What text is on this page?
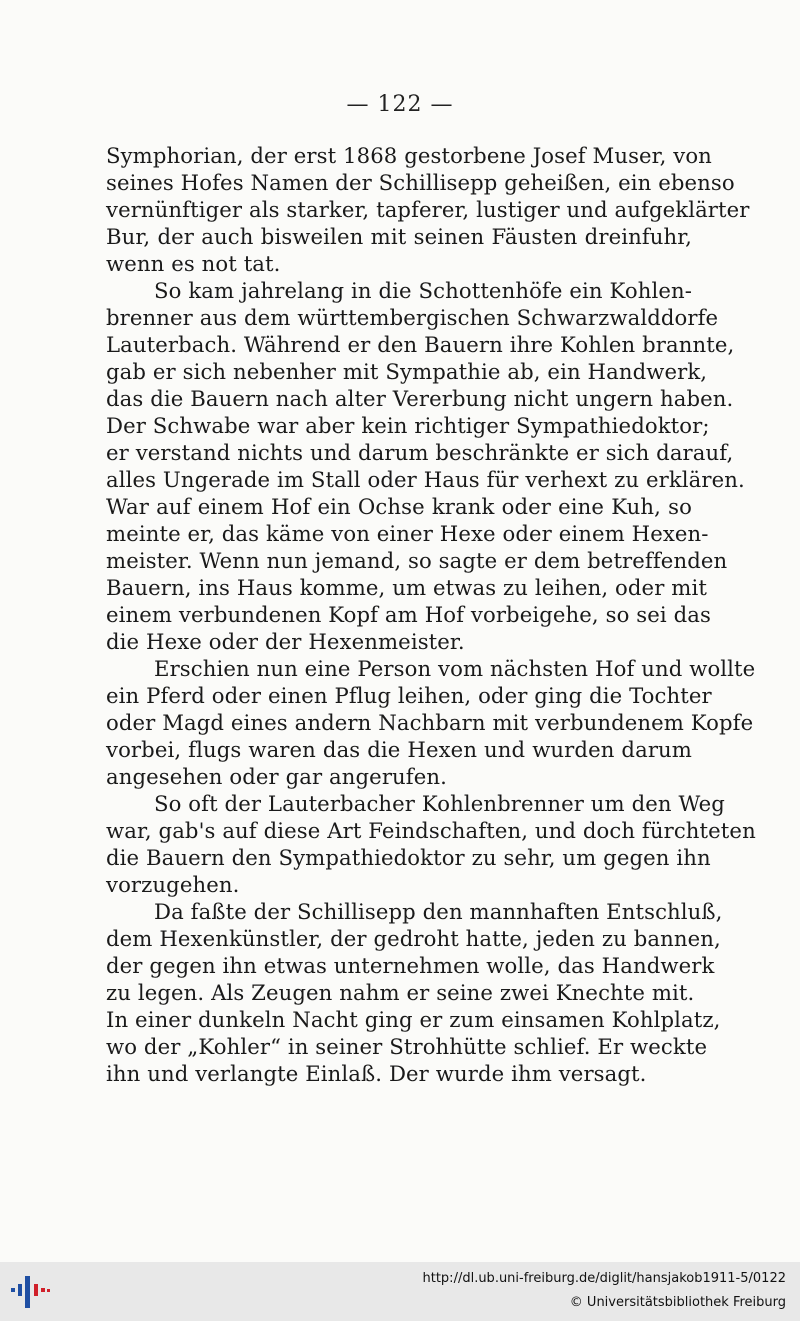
— 122 —
Symphorian, der erst 1868 gestorbene Josef Muser, von
seines Hofes Namen der Schillisepp geheißen, ein ebenso
vernünftiger als starker, tapferer, lustiger und aufgeklärter
Bur, der auch bisweilen mit seinen Fäusten dreinfuhr,
wenn es not tat.
So kam jahrelang in die Schottenhöfe ein Kohlen-
brenner aus dem württembergischen Schwarzwalddorfe
Lauterbach. Während er den Bauern ihre Kohlen brannte,
gab er sich nebenher mit Sympathie ab, ein Handwerk,
das die Bauern nach alter Vererbung nicht ungern haben.
Der Schwabe war aber kein richtiger Sympathiedoktor;
er verstand nichts und darum beschränkte er sich darauf,
alles Ungerade im Stall oder Haus für verhext zu erklären.
War auf einem Hof ein Ochse krank oder eine Kuh, so
meinte er, das käme von einer Hexe oder einem Hexen-
meister. Wenn nun jemand, so sagte er dem betreffenden
Bauern, ins Haus komme, um etwas zu leihen, oder mit
einem verbundenen Kopf am Hof vorbeigehe, so sei das
die Hexe oder der Hexenmeister.
Erschien nun eine Person vom nächsten Hof und wollte
ein Pferd oder einen Pflug leihen, oder ging die Tochter
oder Magd eines andern Nachbarn mit verbundenem Kopfe
vorbei, flugs waren das die Hexen und wurden darum
angesehen oder gar angerufen.
So oft der Lauterbacher Kohlenbrenner um den Weg
war, gab's auf diese Art Feindschaften, und doch fürchteten
die Bauern den Sympathiedoktor zu sehr, um gegen ihn
vorzugehen.
Da faßte der Schillisepp den mannhaften Entschluß,
dem Hexenkünstler, der gedroht hatte, jeden zu bannen,
der gegen ihn etwas unternehmen wolle, das Handwerk
zu legen. Als Zeugen nahm er seine zwei Knechte mit.
In einer dunkeln Nacht ging er zum einsamen Kohlplatz,
wo der „Kohler“ in seiner Strohhütte schlief. Er weckte
ihn und verlangte Einlaß. Der wurde ihm versagt.
http://dl.ub.uni-freiburg.de/diglit/hansjakob1911-5/0122
© Universitätsbibliothek Freiburg
